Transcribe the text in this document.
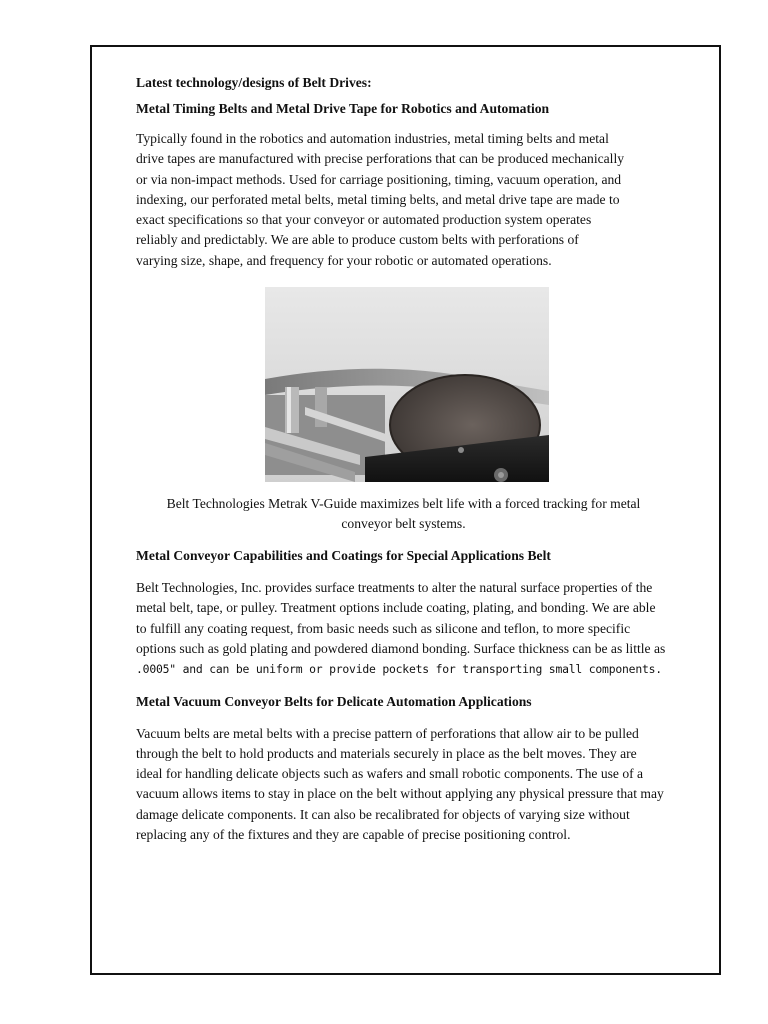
Latest technology/designs of Belt Drives:

Metal Timing Belts and Metal Drive Tape for Robotics and Automation

Typically found in the robotics and automation industries, metal timing belts and metal
drive tapes are manufactured with precise perforations that can be produced mechanically
or via non-impact methods. Used for carriage positioning, timing, vacuum operation, and
indexing, our perforated metal belts, metal timing belts, and metal drive tape are made to
exact specifications so that your conveyor or automated production system operates
reliably and predictably. We are able to produce custom belts with perforations of
varying size, shape, and frequency for your robotic or automated operations.
Belt Technologies Metrak V-Guide maximizes belt life with a forced tracking for metal
conveyor belt systems.

Metal Conveyor Capabilities and Coatings for Special Applications Belt

Belt Technologies, Inc. provides surface treatments to alter the natural surface properties of the
metal belt, tape, or pulley. Treatment options include coating, plating, and bonding. We are able
to fulfill any coating request, from basic needs such as silicone and teflon, to more specific
options such as gold plating and powdered diamond bonding. Surface thickness can be as little as
.0005" and can be uniform or provide pockets for transporting small components.

Metal Vacuum Conveyor Belts for Delicate Automation Applications

Vacuum belts are metal belts with a precise pattern of perforations that allow air to be pulled
through the belt to hold products and materials securely in place as the belt moves. They are
ideal for handling delicate objects such as wafers and small robotic components. The use of a
vacuum allows items to stay in place on the belt without applying any physical pressure that may
damage delicate components. It can also be recalibrated for objects of varying size without
replacing any of the fixtures and they are capable of precise positioning control.
